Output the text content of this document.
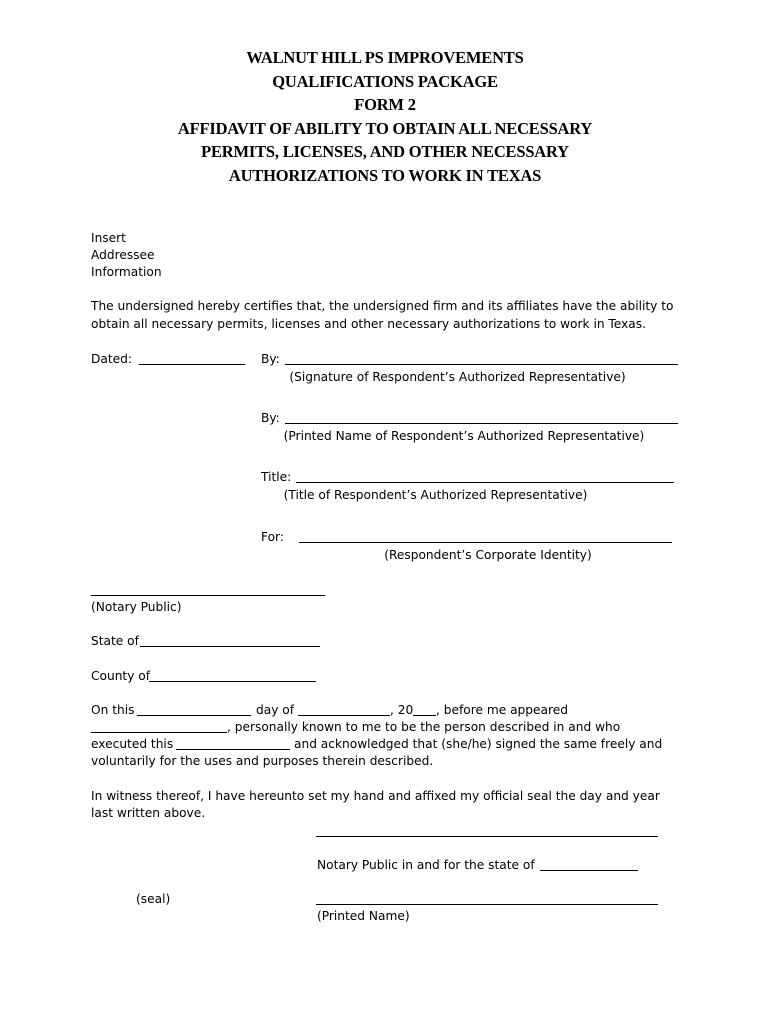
WALNUT HILL PS IMPROVEMENTS
QUALIFICATIONS PACKAGE
FORM 2
AFFIDAVIT OF ABILITY TO OBTAIN ALL NECESSARY
PERMITS, LICENSES, AND OTHER NECESSARY
AUTHORIZATIONS TO WORK IN TEXAS
Insert
Addressee
Information
The undersigned hereby certifies that, the undersigned firm and its affiliates have the ability to
obtain all necessary permits, licenses and other necessary authorizations to work in Texas.
Dated:	By:
(Signature of Respondent’s Authorized Representative)
By:
(Printed Name of Respondent’s Authorized Representative)
Title:
(Title of Respondent’s Authorized Representative)
For:
(Respondent’s Corporate Identity)
(Notary Public)
State of
County of
On this	day of	, 20 , before me appeared
, personally known to me to be the person described in and who
executed this	and acknowledged that (she/he) signed the same freely and
voluntarily for the uses and purposes therein described.
In witness thereof, I have hereunto set my hand and affixed my official seal the day and year
last written above.
Notary Public in and for the state of
(seal)
(Printed Name)
